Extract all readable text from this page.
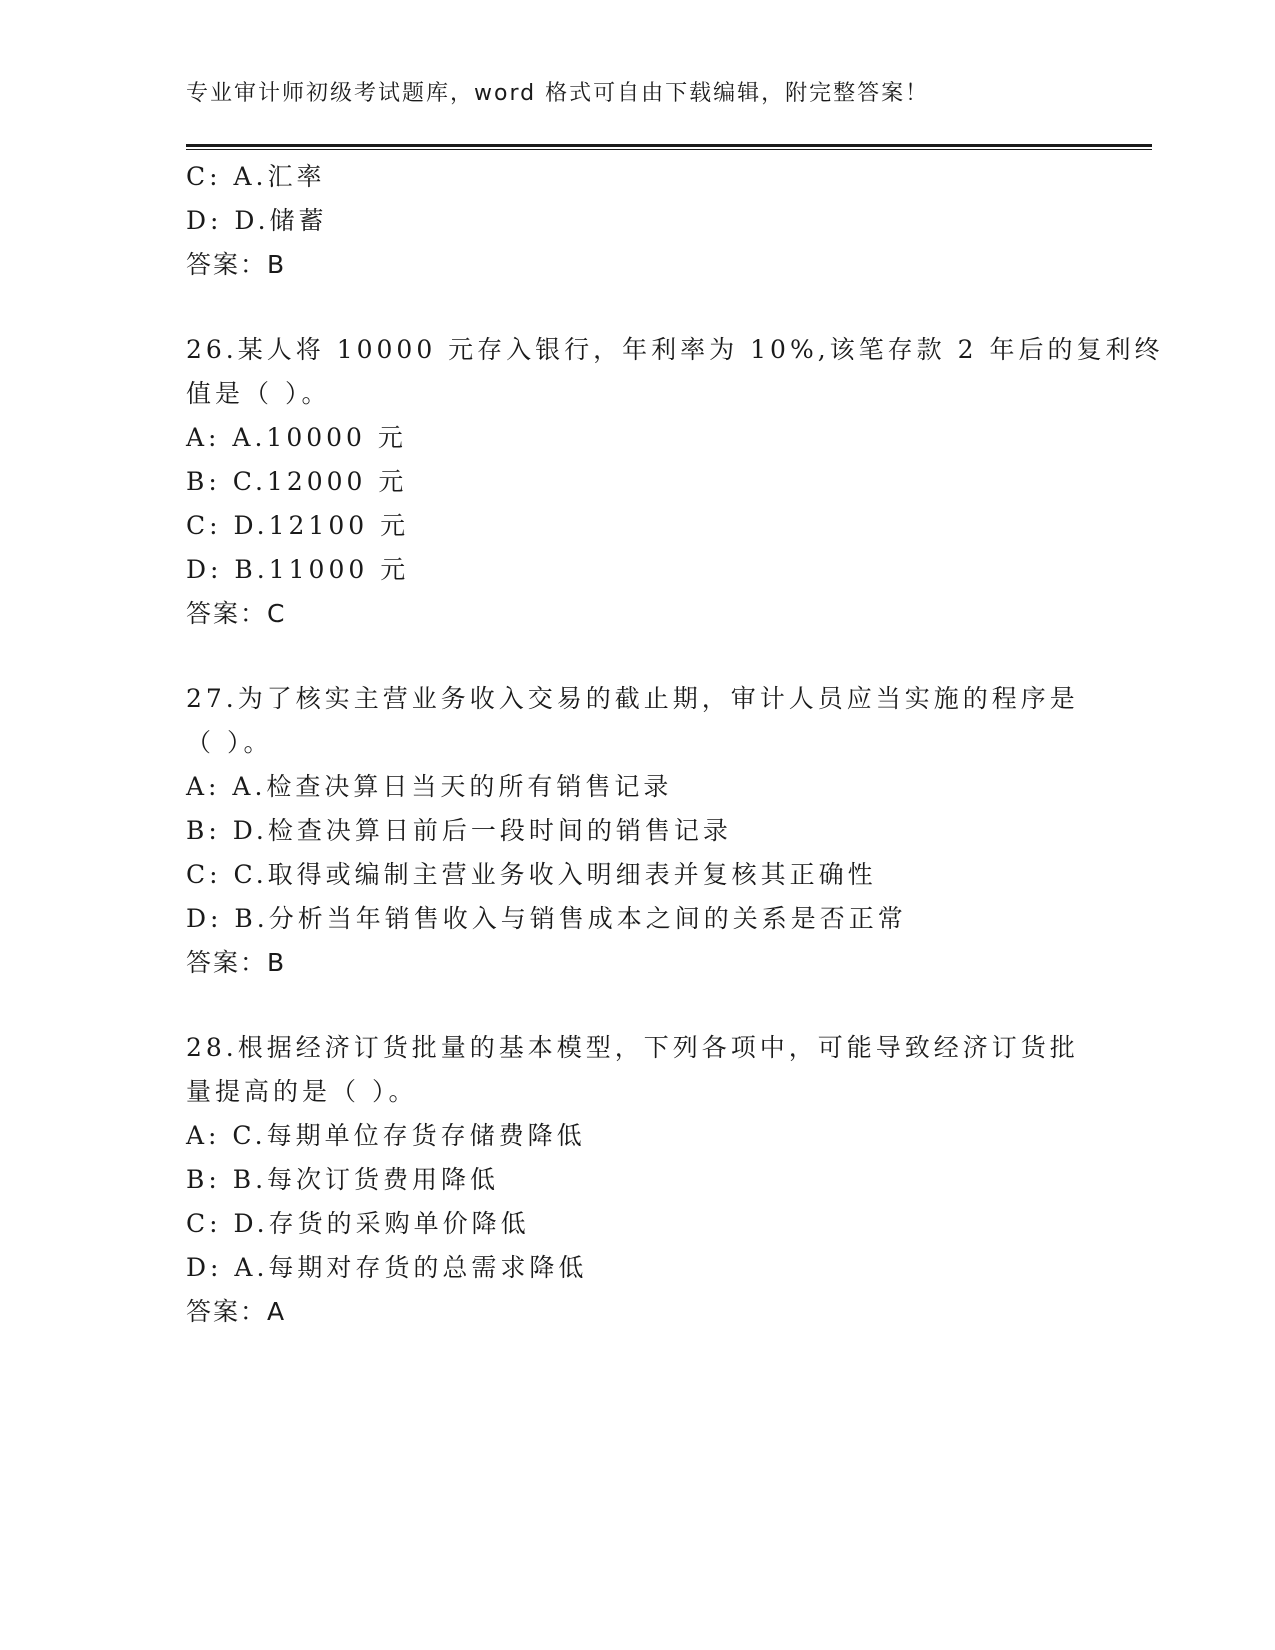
专业审计师初级考试题库，word 格式可自由下载编辑，附完整答案！
C: A.汇率
D: D.储蓄
答案：B
26.某人将 10000 元存入银行，年利率为 10%,该笔存款 2 年后的复利终
值是（ ）。
A: A.10000 元
B: C.12000 元
C: D.12100 元
D: B.11000 元
答案：C
27.为了核实主营业务收入交易的截止期，审计人员应当实施的程序是
（ ）。
A: A.检查决算日当天的所有销售记录
B: D.检查决算日前后一段时间的销售记录
C: C.取得或编制主营业务收入明细表并复核其正确性
D: B.分析当年销售收入与销售成本之间的关系是否正常
答案：B
28.根据经济订货批量的基本模型，下列各项中，可能导致经济订货批
量提高的是（ ）。
A: C.每期单位存货存储费降低
B: B.每次订货费用降低
C: D.存货的采购单价降低
D: A.每期对存货的总需求降低
答案：A
